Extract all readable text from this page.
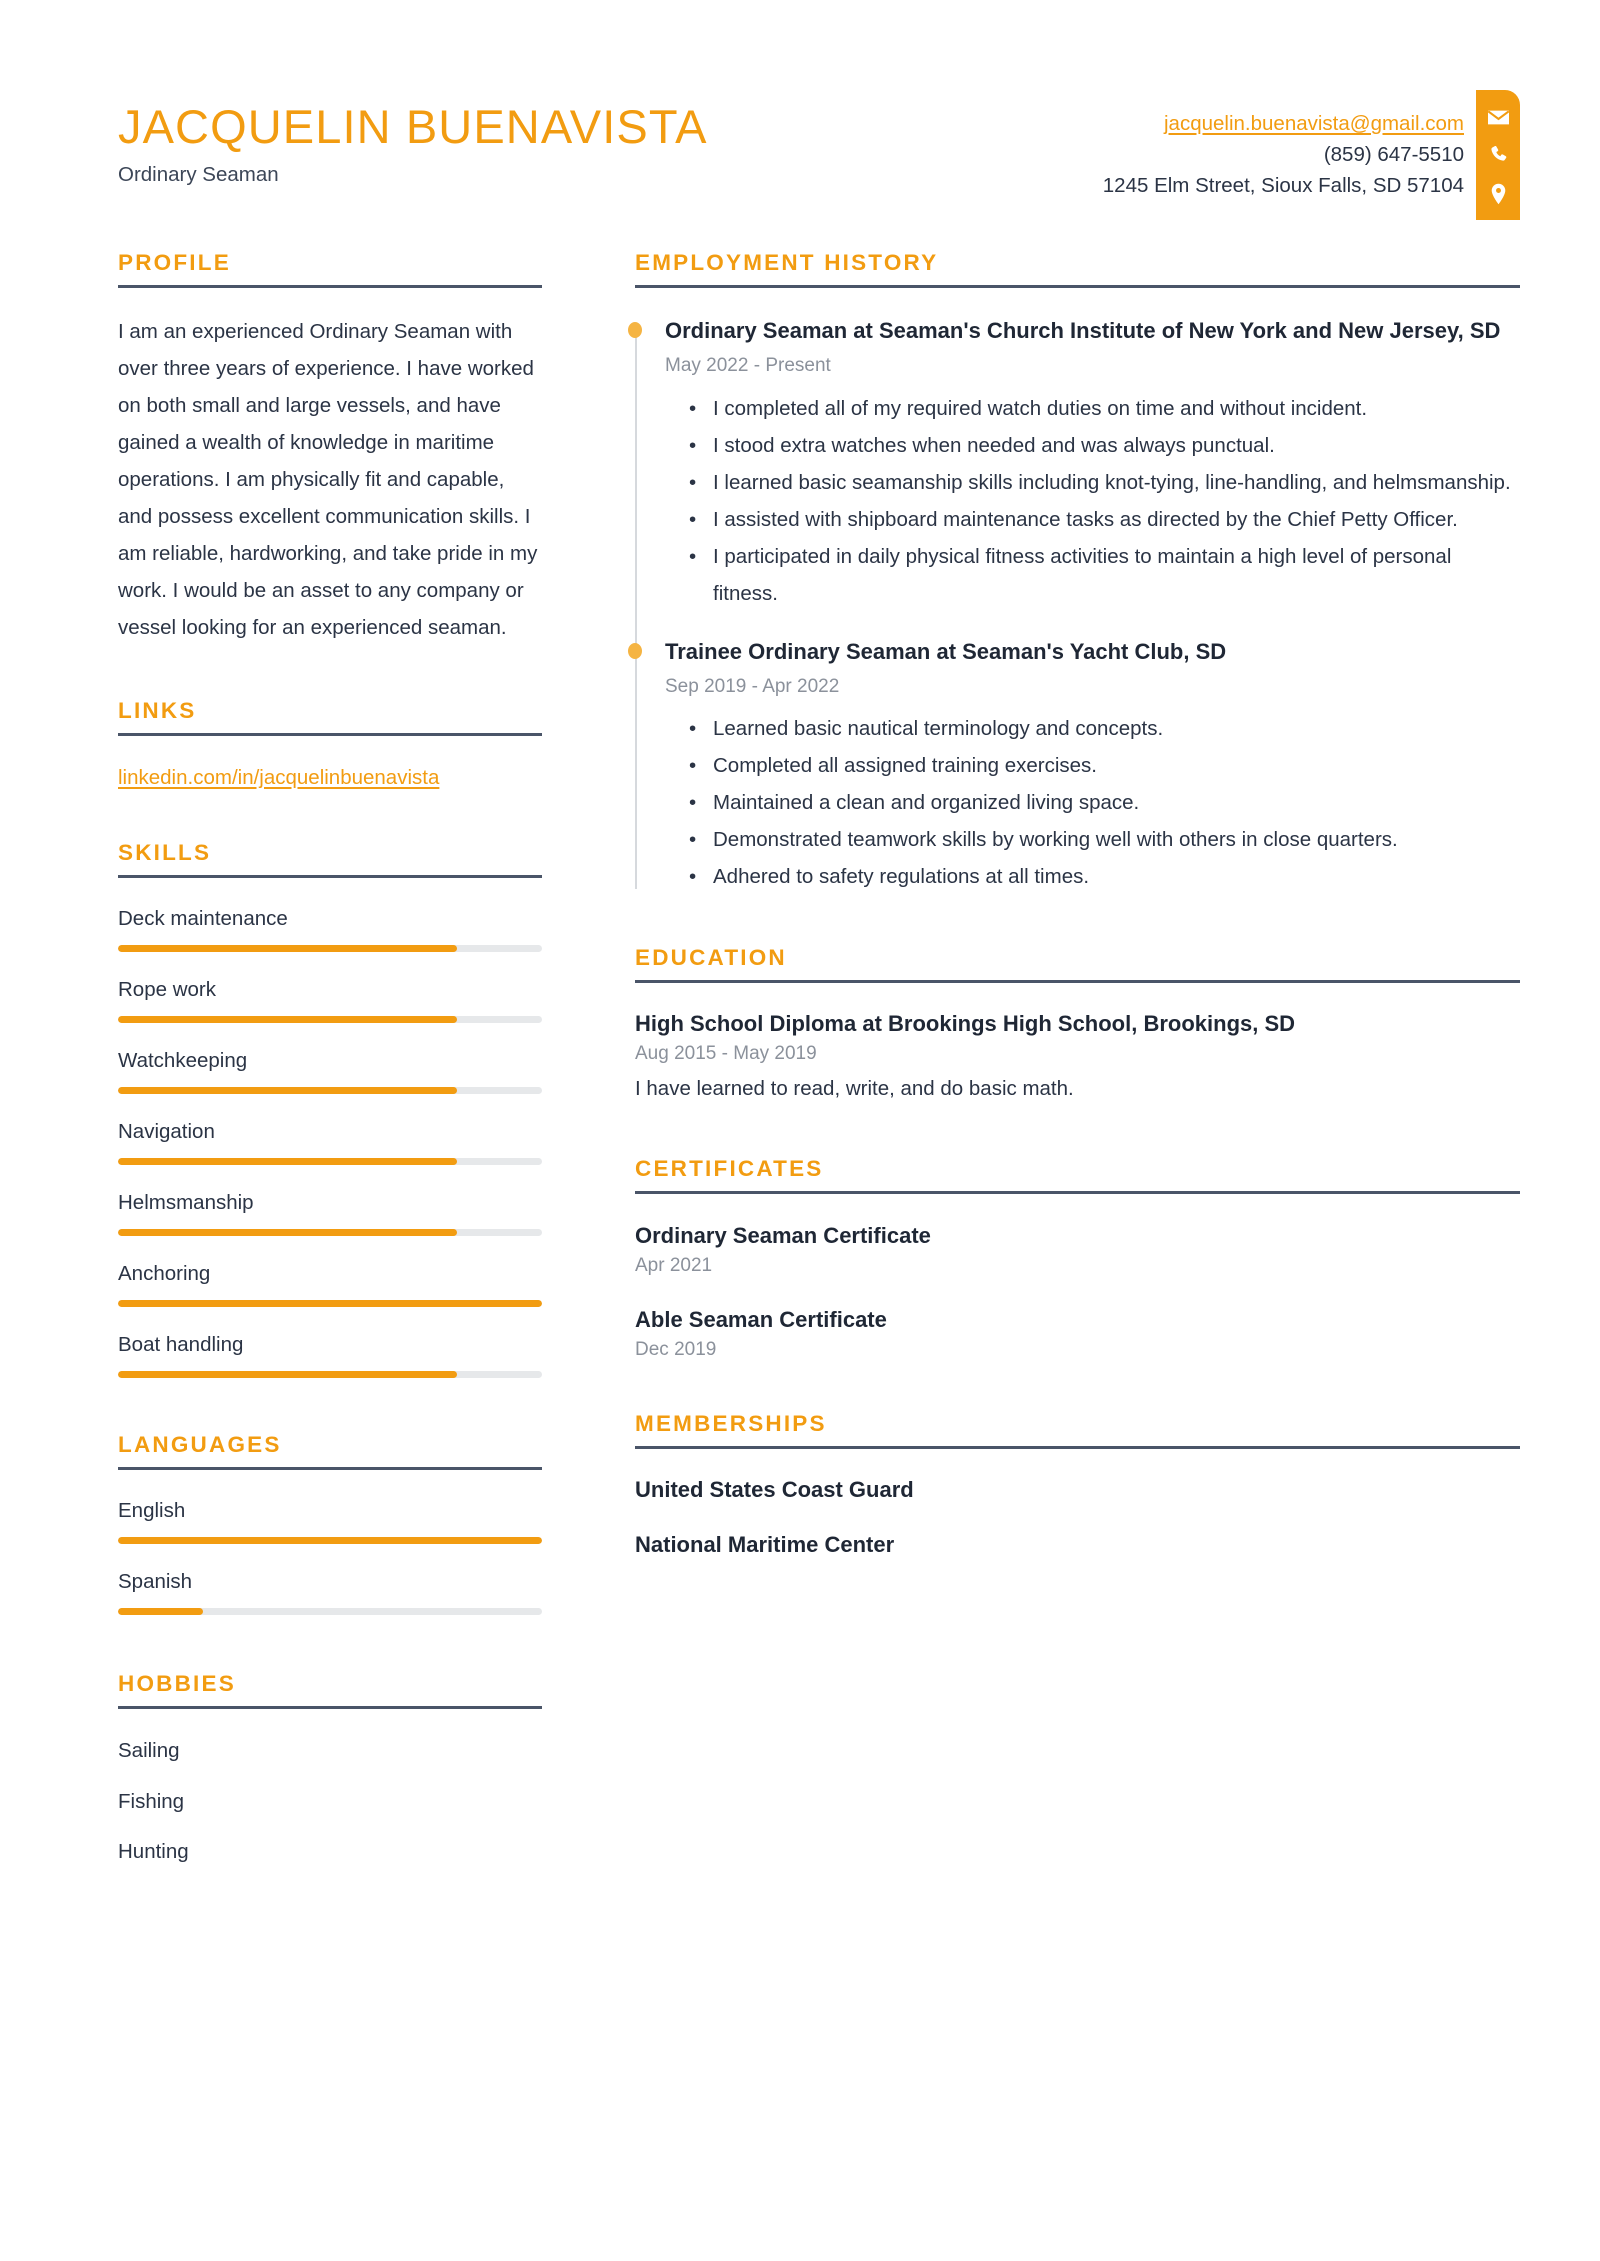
JACQUELIN BUENAVISTA
Ordinary Seaman
jacquelin.buenavista@gmail.com
(859) 647-5510
1245 Elm Street, Sioux Falls, SD 57104
PROFILE
I am an experienced Ordinary Seaman with over three years of experience. I have worked on both small and large vessels, and have gained a wealth of knowledge in maritime operations. I am physically fit and capable, and possess excellent communication skills. I am reliable, hardworking, and take pride in my work. I would be an asset to any company or vessel looking for an experienced seaman.
LINKS
linkedin.com/in/jacquelinbuenavista
SKILLS
Deck maintenance
Rope work
Watchkeeping
Navigation
Helmsmanship
Anchoring
Boat handling
LANGUAGES
English
Spanish
HOBBIES
Sailing
Fishing
Hunting
EMPLOYMENT HISTORY
Ordinary Seaman at Seaman's Church Institute of New York and New Jersey, SD
May 2022 - Present
• I completed all of my required watch duties on time and without incident.
• I stood extra watches when needed and was always punctual.
• I learned basic seamanship skills including knot-tying, line-handling, and helmsmanship.
• I assisted with shipboard maintenance tasks as directed by the Chief Petty Officer.
• I participated in daily physical fitness activities to maintain a high level of personal fitness.
Trainee Ordinary Seaman at Seaman's Yacht Club, SD
Sep 2019 - Apr 2022
• Learned basic nautical terminology and concepts.
• Completed all assigned training exercises.
• Maintained a clean and organized living space.
• Demonstrated teamwork skills by working well with others in close quarters.
• Adhered to safety regulations at all times.
EDUCATION
High School Diploma at Brookings High School, Brookings, SD
Aug 2015 - May 2019
I have learned to read, write, and do basic math.
CERTIFICATES
Ordinary Seaman Certificate
Apr 2021
Able Seaman Certificate
Dec 2019
MEMBERSHIPS
United States Coast Guard
National Maritime Center
